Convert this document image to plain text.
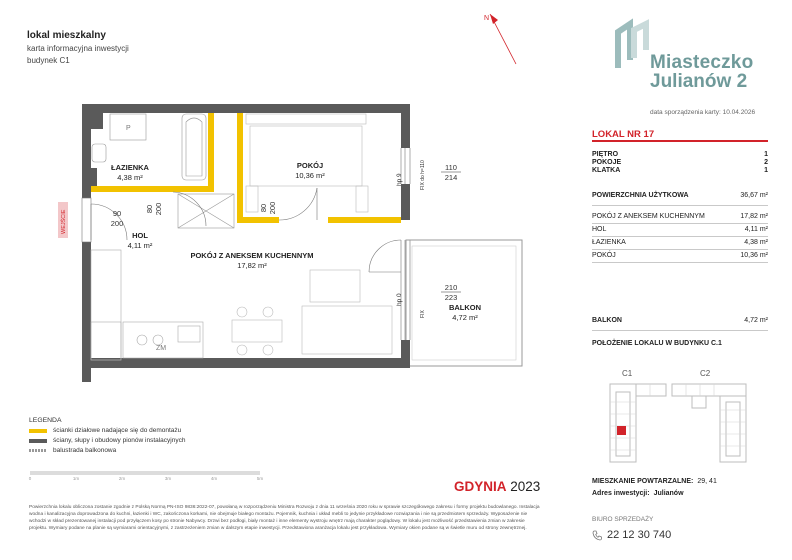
lokal mieszkalny
karta informacyjna inwestycji
budynek C1
N
Miasteczko
Julianów 2
data sporządzenia karty: 10.04.2026
LOKAL NR 17
PIĘTRO	1
POKOJE	2
KLATKA	1
POWIERZCHNIA UŻYTKOWA	36,67 m²
POKÓJ Z ANEKSEM KUCHENNYM	17,82 m²
HOL	4,11 m²
ŁAZIENKA	4,38 m²
POKÓJ	10,36 m²
BALKON	4,72 m²
POŁOŻENIE LOKALU W BUDYNKU C.1
C1	C2
MIESZKANIE POWTARZALNE: 29, 41
Adres inwestycji: Julianów
BIURO SPRZEDAŻY
22 12 30 740
P
ZM
ŁAZIENKA
4,38 m²
POKÓJ
10,36 m²
HOL
4,11 m²
POKÓJ Z ANEKSEM KUCHENNYM
17,82 m²
BALKON
4,72 m²
90
200
80 200	80 200
110
214
210
223
hp 9
hp 0
FIX do h=110
FIX
WEJŚCIE
LEGENDA
ścianki działowe nadające się do demontażu
ściany, słupy i obudowy pionów instalacyjnych
balustrada balkonowa
0	1m	2m	3m	4m	5m
GDYNIA 2023
Powierzchnia lokalu obliczona zostanie zgodnie z Polską Normą PN-ISO 9836:2022-07, powołaną w rozporządzeniu Ministra Rozwoju z dnia 11 września 2020 roku w sprawie szczegółowego zakresu i formy projektu budowlanego. Instalacja wodna i kanalizacyjna doprowadzona do kuchni, łazienki i WC, zakończona korkami, nie obejmuje białego montażu. Pojemnik, kuchnia i układ mebli to jedynie przykładowe rozwiązania i nie są przedmiotem sprzedaży. Wyposażenie nie wchodzi w skład prezentowanej instalacji pod przyłączem kosy po stronie Nabywcy. Drzwi bez podłogi, biały montaż i inne elementy wystroju wnętrz mają charakter poglądowy. W lokalu jest możliwość przedstawienia zmian w zakresie projektu. Wymiary podane na planie są wymiarami orientacyjnymi, z zastrzeżeniem zmian w dalszym etapie inwestycji. Przedstawiona aranżacja lokalu jest przykładowa. Wymiary okien podane są w świetle muru od strony zewnętrznej.
